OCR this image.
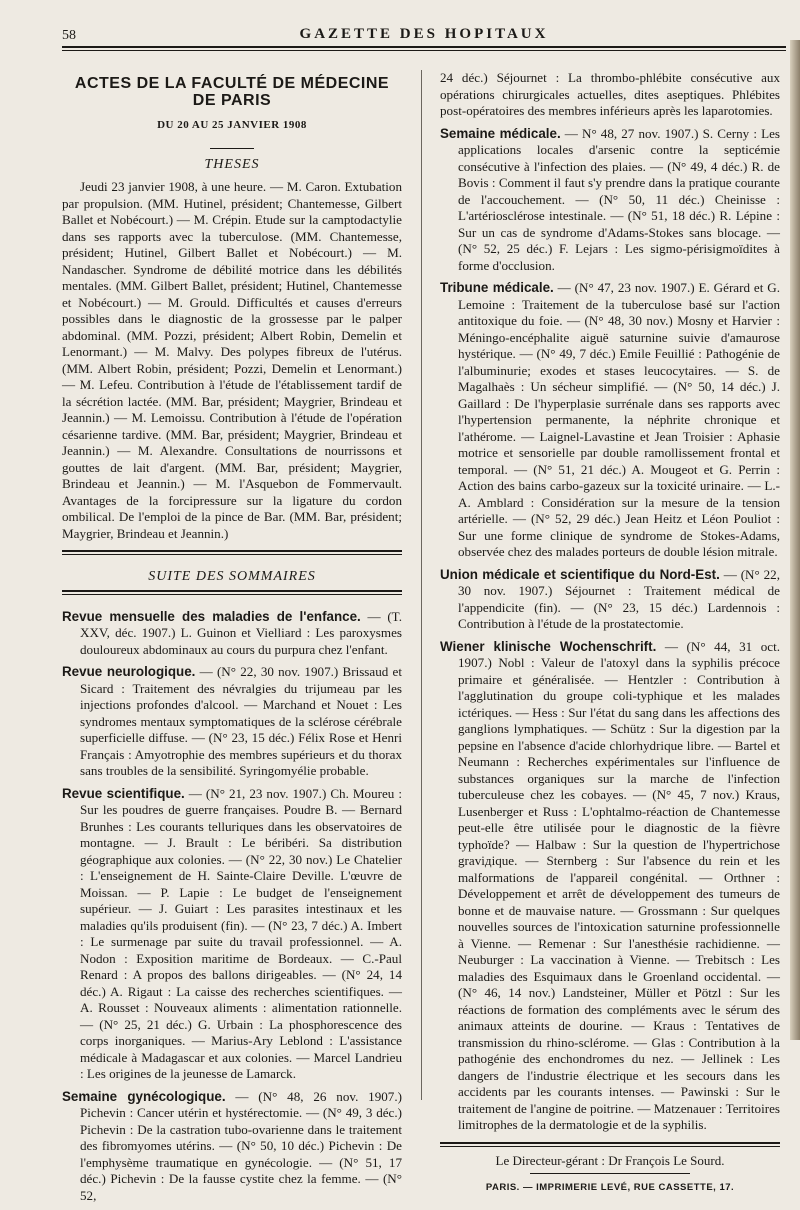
58	GAZETTE DES HOPITAUX
ACTES DE LA FACULTÉ DE MÉDECINE DE PARIS
DU 20 AU 25 JANVIER 1908
THESES

Jeudi 23 janvier 1908, à une heure. — M. Caron. Extubation par propulsion. (MM. Hutinel, président; Chantemesse, Gilbert Ballet et Nobécourt.) — M. Crépin. Etude sur la camptodactylie dans ses rapports avec la tuberculose. (MM. Chantemesse, président; Hutinel, Gilbert Ballet et Nobécourt.) — M. Nandascher. Syndrome de débilité motrice dans les débilités mentales. (MM. Gilbert Ballet, président; Hutinel, Chantemesse et Nobécourt.) — M. Grould. Difficultés et causes d'erreurs possibles dans le diagnostic de la grossesse par le palper abdominal. (MM. Pozzi, président; Albert Robin, Demelin et Lenormant.) — M. Malvy. Des polypes fibreux de l'utérus. (MM. Albert Robin, président; Pozzi, Demelin et Lenormant.) — M. Lefeu. Contribution à l'étude de l'établissement tardif de la sécrétion lactée. (MM. Bar, président; Maygrier, Brindeau et Jeannin.) — M. Lemoissu. Contribution à l'étude de l'opération césarienne tardive. (MM. Bar, président; Maygrier, Brindeau et Jeannin.) — M. Alexandre. Consultations de nourrissons et gouttes de lait d'argent. (MM. Bar, président; Maygrier, Brindeau et Jeannin.) — M. l'Asquebon de Fommervault. Avantages de la forcipressure sur la ligature du cordon ombilical. De l'emploi de la pince de Bar. (MM. Bar, président; Maygrier, Brindeau et Jeannin.)

SUITE DES SOMMAIRES

Revue mensuelle des maladies de l'enfance. — (T. XXV, déc. 1907.) L. Guinon et Vielliard : Les paroxysmes douloureux abdominaux au cours du purpura chez l'enfant.

Revue neurologique. — (N° 22, 30 nov. 1907.) Brissaud et Sicard : Traitement des névralgies du trijumeau par les injections profondes d'alcool. — Marchand et Nouet : Les syndromes mentaux symptomatiques de la sclérose cérébrale superficielle diffuse. — (N° 23, 15 déc.) Félix Rose et Henri Français : Amyotrophie des membres supérieurs et du thorax sans troubles de la sensibilité. Syringomyélie probable.

Revue scientifique. — (N° 21, 23 nov. 1907.) Ch. Moureu : Sur les poudres de guerre françaises. Poudre B. — Bernard Brunhes : Les courants telluriques dans les observatoires de montagne. — J. Brault : Le béribéri. Sa distribution géographique aux colonies. — (N° 22, 30 nov.) Le Chatelier : L'enseignement de H. Sainte-Claire Deville. L'œuvre de Moissan. — P. Lapie : Le budget de l'enseignement supérieur. — J. Guiart : Les parasites intestinaux et les maladies qu'ils produisent (fin). — (N° 23, 7 déc.) A. Imbert : Le surmenage par suite du travail professionnel. — A. Nodon : Exposition maritime de Bordeaux. — C.-Paul Renard : A propos des ballons dirigeables. — (N° 24, 14 déc.) A. Rigaut : La caisse des recherches scientifiques. — A. Rousset : Nouveaux aliments : alimentation rationnelle. — (N° 25, 21 déc.) G. Urbain : La phosphorescence des corps inorganiques. — Marius-Ary Leblond : L'assistance médicale à Madagascar et aux colonies. — Marcel Landrieu : Les origines de la jeunesse de Lamarck.

Semaine gynécologique. — (N° 48, 26 nov. 1907.) Pichevin : Cancer utérin et hystérectomie. — (N° 49, 3 déc.) Pichevin : De la castration tubo-ovarienne dans le traitement des fibromyomes utérins. — (N° 50, 10 déc.) Pichevin : De l'emphysème traumatique en gynécologie. — (N° 51, 17 déc.) Pichevin : De la fausse cystite chez la femme. — (N° 52,

24 déc.) Séjournet : La thrombo-phlébite consécutive aux opérations chirurgicales actuelles, dites aseptiques. Phlébites post-opératoires des membres inférieurs après les laparotomies.

Semaine médicale. — N° 48, 27 nov. 1907.) S. Cerny : Les applications locales d'arsenic contre la septicémie consécutive à l'infection des plaies. — (N° 49, 4 déc.) R. de Bovis : Comment il faut s'y prendre dans la pratique courante de l'accouchement. — (N° 50, 11 déc.) Cheinisse : L'artériosclérose intestinale. — (N° 51, 18 déc.) R. Lépine : Sur un cas de syndrome d'Adams-Stokes sans blocage. — (N° 52, 25 déc.) F. Lejars : Les sigmo-périsigmoïdites à forme d'occlusion.

Tribune médicale. — (N° 47, 23 nov. 1907.) E. Gérard et G. Lemoine : Traitement de la tuberculose basé sur l'action antitoxique du foie. — (N° 48, 30 nov.) Mosny et Harvier : Méningo-encéphalite aiguë saturnine suivie d'amaurose hystérique. — (N° 49, 7 déc.) Emile Feuillié : Pathogénie de l'albuminurie; exodes et stases leucocytaires. — S. de Magalhaès : Un sécheur simplifié. — (N° 50, 14 déc.) J. Gaillard : De l'hyperplasie surrénale dans ses rapports avec l'hypertension permanente, la néphrite chronique et l'athérome. — Laignel-Lavastine et Jean Troisier : Aphasie motrice et sensorielle par double ramollissement frontal et temporal. — (N° 51, 21 déc.) A. Mougeot et G. Perrin : Action des bains carbo-gazeux sur la toxicité urinaire. — L.-A. Amblard : Considération sur la mesure de la tension artérielle. — (N° 52, 29 déc.) Jean Heitz et Léon Pouliot : Sur une forme clinique de syndrome de Stokes-Adams, observée chez des malades porteurs de double lésion mitrale.

Union médicale et scientifique du Nord-Est. — (N° 22, 30 nov. 1907.) Séjournet : Traitement médical de l'appendicite (fin). — (N° 23, 15 déc.) Lardennois : Contribution à l'étude de la prostatectomie.

Wiener klinische Wochenschrift. — (N° 44, 31 oct. 1907.) Nobl : Valeur de l'atoxyl dans la syphilis précoce primaire et généralisée. — Hentzler : Contribution à l'agglutination du groupe coli-typhique et les malades ictériques. — Hess : Sur l'état du sang dans les affections des ganglions lymphatiques. — Schütz : Sur la digestion par la pepsine en l'absence d'acide chlorhydrique libre. — Bartel et Neumann : Recherches expérimentales sur l'influence de substances organiques sur la marche de l'infection tuberculeuse chez les cobayes. — (N° 45, 7 nov.) Kraus, Lusenberger et Russ : L'ophtalmo-réaction de Chantemesse peut-elle être utilisée pour le diagnostic de la fièvre typhoïde? — Halbaw : Sur la question de l'hypertrichose graviдique. — Sternberg : Sur l'absence du rein et les malformations de l'appareil congénital. — Orthner : Développement et arrêt de développement des tumeurs de bonne et de mauvaise nature. — Grossmann : Sur quelques nouvelles sources de l'intoxication saturnine professionnelle à Vienne. — Remenar : Sur l'anesthésie rachidienne. — Neuburger : La vaccination à Vienne. — Trebitsch : Les maladies des Esquimaux dans le Groenland occidental. — (N° 46, 14 nov.) Landsteiner, Müller et Pötzl : Sur les réactions de formation des compléments avec le sérum des animaux atteints de dourine. — Kraus : Tentatives de transmission du rhino-sclérome. — Glas : Contribution à la pathogénie des enchondromes du nez. — Jellinek : Les dangers de l'industrie électrique et les secours dans les accidents par les courants intenses. — Pawinski : Sur le traitement de l'angine de poitrine. — Matzenauer : Territoires limitrophes de la dermatologie et de la syphilis.

Le Directeur-gérant : Dr François Le Sourd.
PARIS. — IMPRIMERIE LEVÉ, RUE CASSETTE, 17.
